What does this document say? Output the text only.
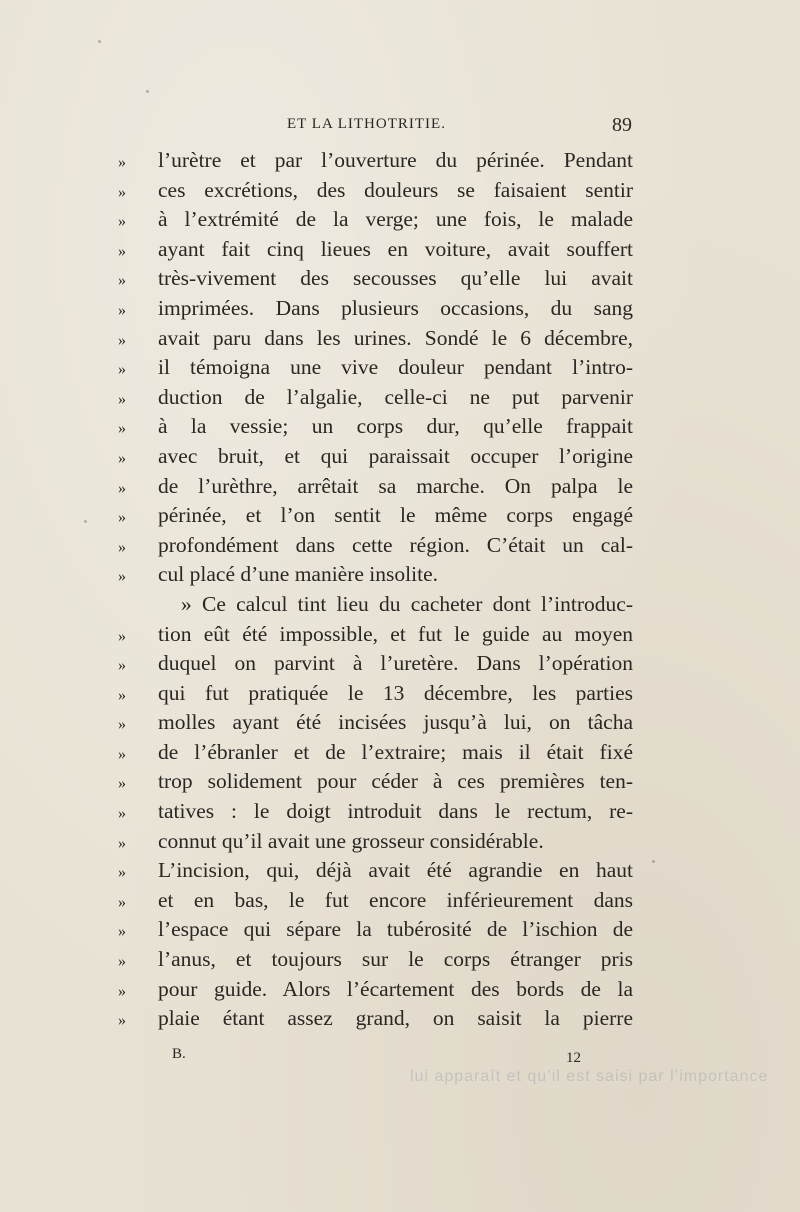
ET LA LITHOTRITIE.	89
» l’urètre et par l’ouverture du périnée. Pendant
» ces excrétions, des douleurs se faisaient sentir
» à l’extrémité de la verge; une fois, le malade
» ayant fait cinq lieues en voiture, avait souffert
» très-vivement des secousses qu’elle lui avait
» imprimées. Dans plusieurs occasions, du sang
» avait paru dans les urines. Sondé le 6 décembre,
» il témoigna une vive douleur pendant l’intro-
» duction de l’algalie, celle-ci ne put parvenir
» à la vessie; un corps dur, qu’elle frappait
» avec bruit, et qui paraissait occuper l’origine
» de l’urèthre, arrêtait sa marche. On palpa le
» périnée, et l’on sentit le même corps engagé
» profondément dans cette région. C’était un cal-
» cul placé d’une manière insolite.
» Ce calcul tint lieu du cacheter dont l’introduc-
» tion eût été impossible, et fut le guide au moyen
» duquel on parvint à l’uretère. Dans l’opération
» qui fut pratiquée le 13 décembre, les parties
» molles ayant été incisées jusqu’à lui, on tâcha
» de l’ébranler et de l’extraire; mais il était fixé
» trop solidement pour céder à ces premières ten-
» tatives : le doigt introduit dans le rectum, re-
» connut qu’il avait une grosseur considérable.
» L’incision, qui, déjà avait été agrandie en haut
» et en bas, le fut encore inférieurement dans
» l’espace qui sépare la tubérosité de l’ischion de
» l’anus, et toujours sur le corps étranger pris
» pour guide. Alors l’écartement des bords de la
» plaie étant assez grand, on saisit la pierre
B.	12
lui apparaît et qu’il est saisi par l’importance
